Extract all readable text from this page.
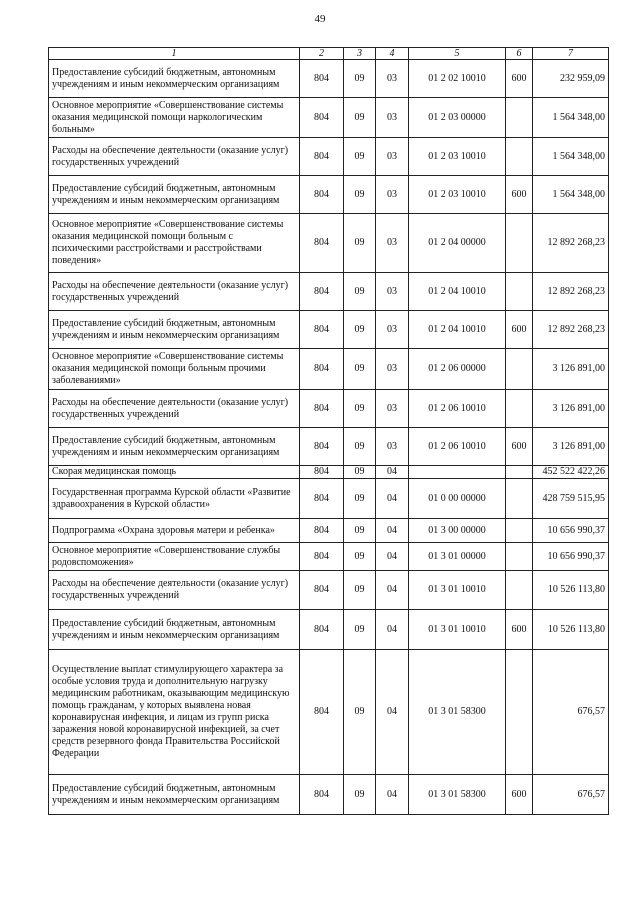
49
1	2	3	4	5	6	7
Предоставление субсидий бюджетным, автономным учреждениям и иным некоммерческим организациям	804	09	03	01 2 02 10010	600	232 959,09
Основное мероприятие «Совершенствование системы оказания медицинской помощи наркологическим больным»	804	09	03	01 2 03 00000		1 564 348,00
Расходы на обеспечение деятельности (оказание услуг) государственных учреждений	804	09	03	01 2 03 10010		1 564 348,00
Предоставление субсидий бюджетным, автономным учреждениям и иным некоммерческим организациям	804	09	03	01 2 03 10010	600	1 564 348,00
Основное мероприятие «Совершенствование системы оказания медицинской помощи больным с психическими расстройствами и расстройствами поведения»	804	09	03	01 2 04 00000		12 892 268,23
Расходы на обеспечение деятельности (оказание услуг) государственных учреждений	804	09	03	01 2 04 10010		12 892 268,23
Предоставление субсидий бюджетным, автономным учреждениям и иным некоммерческим организациям	804	09	03	01 2 04 10010	600	12 892 268,23
Основное мероприятие «Совершенствование системы оказания медицинской помощи больным прочими заболеваниями»	804	09	03	01 2 06 00000		3 126 891,00
Расходы на обеспечение деятельности (оказание услуг) государственных учреждений	804	09	03	01 2 06 10010		3 126 891,00
Предоставление субсидий бюджетным, автономным учреждениям и иным некоммерческим организациям	804	09	03	01 2 06 10010	600	3 126 891,00
Скорая медицинская помощь	804	09	04			452 522 422,26
Государственная программа Курской области «Развитие здравоохранения в Курской области»	804	09	04	01 0 00 00000		428 759 515,95
Подпрограмма «Охрана здоровья матери и ребенка»	804	09	04	01 3 00 00000		10 656 990,37
Основное мероприятие «Совершенствование службы родовспоможения»	804	09	04	01 3 01 00000		10 656 990,37
Расходы на обеспечение деятельности (оказание услуг) государственных учреждений	804	09	04	01 3 01 10010		10 526 113,80
Предоставление субсидий бюджетным, автономным учреждениям и иным некоммерческим организациям	804	09	04	01 3 01 10010	600	10 526 113,80
Осуществление выплат стимулирующего характера за особые условия труда и дополнительную нагрузку медицинским работникам, оказывающим медицинскую помощь гражданам, у которых выявлена новая коронавирусная инфекция, и лицам из групп риска заражения новой коронавирусной инфекцией, за счет средств резервного фонда Правительства Российской Федерации	804	09	04	01 3 01 58300		676,57
Предоставление субсидий бюджетным, автономным учреждениям и иным некоммерческим организациям	804	09	04	01 3 01 58300	600	676,57
